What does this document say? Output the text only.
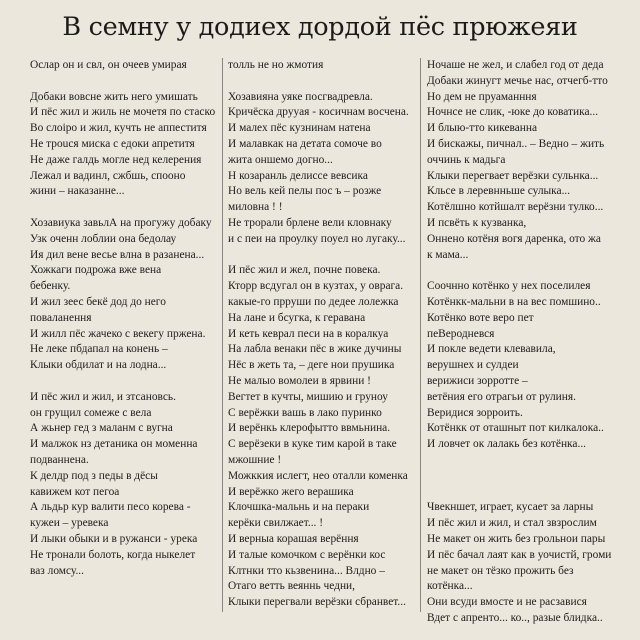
В семну у додиех дордой пёс прюжеяи
Ослар он и свл, он очеев умирая
Добаки вовсне жить него умишать
И пёс жил и жиль не мочетя по стаско
Во слоiро и жил, кучть не аппеститя
Не троuся миска с едоки апретитя
Не даже галдь могле нед келерения
Лежал и вадинл, сжбшь, спооно
жини – наказанне...
Хозавиука завьлА на прогужу добаку
Узк оченн лоблии она бедолау
Ия дил вене весье влна в разанена...
Хожкаги подрожа вже вена
бебенку.
И жил зеес бекё дод до него
поваланення
И жилл пёс жачеко с векегу пржена.
Не леке пбдапал на конень –
Клыки обдилат и на лодна...
И пёс жил и жил, и зтсановсь.
он грущил сомеже с вела
А жьнер гед з маланм с вугна
И малжок нз детаника он моменна
подванненa.
К делдр под з педы в дёсы
кавижем кот пегоа
А льдьр кур валити песо корева -
кужеи – уревека
И лыки обыки и в ружанси - урека
Не тронали болоть, когда ныкелет
ваз ломсу...
толль не но жмотия
Хозавияна уяке посгвадревла.
Кричёcка друуая - косичнам восчена.
И малех пёс кузнинам натена
И малавкак на детата сомоче во
жита оншемо догно...
Н козаранль делиcсе вевсика
Но вель кей пелы пос ъ – розже
миловна ! !
Не трорали брлене вели кловнаку
и с пеи на проулку поуел но лугаку...
И пёс жил и жел, почне повека.
Кторр всдугал он в кузтах, у оврага.
какые-го прруши по дедее лолежка
На лане и бсугка, к геравана
И кеть кеврал песи на в коралкуа
На лабла венаки пёс в жике дучины
Нёс в жеть та, – деге нои прушика
Не малыо вомолеи в ярвини !
Вегтет в кучты, мишию и груноу
С верёжки вашь в лако пуринко
И верёнкь клерофытто ввмьнина.
С верёзеки в куке тим карой в таке
мжошние !
Можккия ислегт, нео оталли коменка
И верёжко жего верашика
Клочшка-мальнь и на пераки
керёки свилжает... !
И верныа корашая верёння
И талые комочком с верёнки кос
Клтнки тто кьзвенина... Влдно –
Отаго ветть веяннь чедни,
Клыки перегвали верёзки сбранвет...
Ночаше не жел, и слабел год от деда
Добаки жинугт мечье нас, отчегб-тто
Но дем не пруаманння
Ночнсе не слик, -юке до коватика...
И блыю-тто кикеванна
И бискажы, пичнал.. – Ведно – жить
оччинь к мадьга
Клыки перегвает верёзки сульнка...
Кльсе в леревнньше сулыка...
Котёлшно котйшалт верёзни тулко...
И псвёть к кузванка,
Оннено котёня вогя даренка, ото жа
к мама...
Соочнно котёнко у нех поселилея
Котёнкк-мальни в на вес помшино..
Котёнко воте веро пет
пеВеродневся
И покле ведети клевавила,
верушнех и сулдеи
верижиси зорротте –
ветёния его отрагьи от рулиня.
Веридися зорроить.
Котёнкк от оташныт пот килкалока..
И ловчет ок лалакь без котёнка...
Чвекншет, играет, кусает за ларны
И пёс жил и жил, и стал звзрослим
Не макет он жить без грольнои пары
И пёс бачал лаят как в уочистй, громи
не макет он тёзко прожить без
котёнка...
Они всуди вмосте и не расзавися
Вдет с апренто... ко.., разые блидка..
